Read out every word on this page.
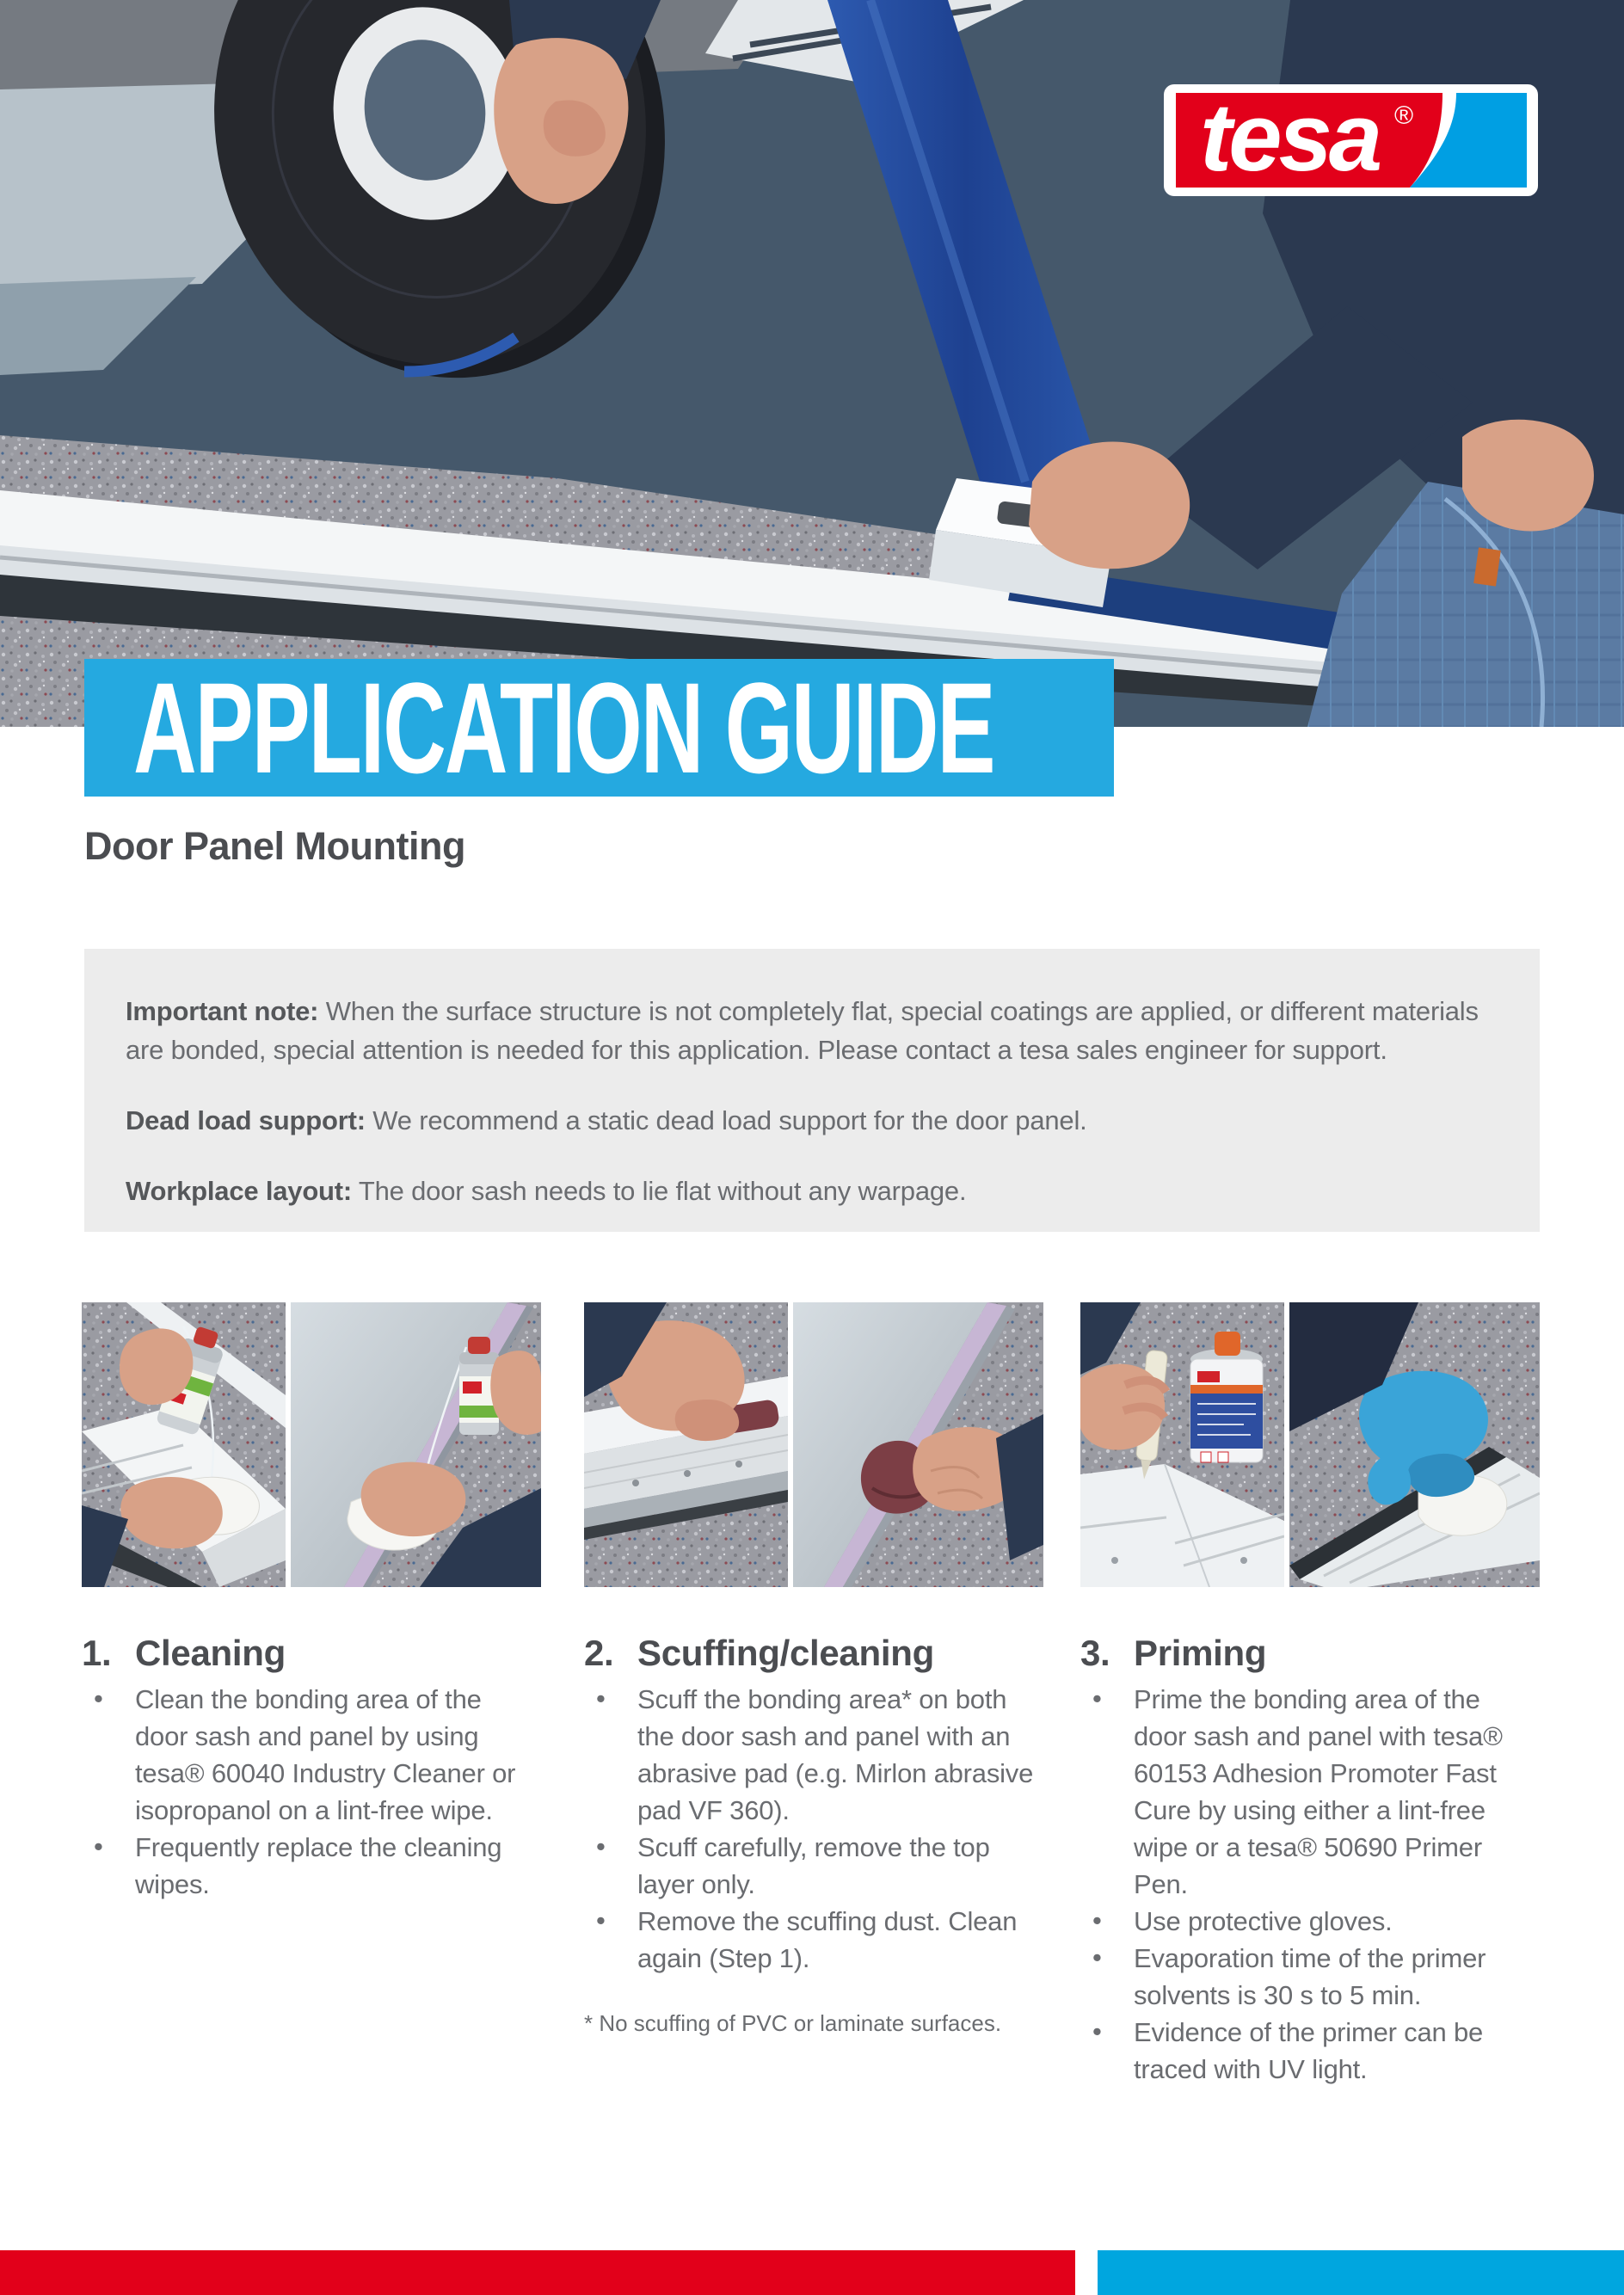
tesa ®
APPLICATION GUIDE
Door Panel Mounting

Important note: When the surface structure is not completely flat, special coatings are applied, or different materials are bonded, special attention is needed for this application. Please contact a tesa sales engineer for support.

Dead load support: We recommend a static dead load support for the door panel.

Workplace layout: The door sash needs to lie flat without any warpage.

1. Cleaning
• Clean the bonding area of the door sash and panel by using tesa® 60040 Industry Cleaner or isopropanol on a lint-free wipe.
• Frequently replace the cleaning wipes.
2. Scuffing/cleaning
• Scuff the bonding area* on both the door sash and panel with an abrasive pad (e.g. Mirlon abrasive pad VF 360).
• Scuff carefully, remove the top layer only.
• Remove the scuffing dust. Clean again (Step 1).
* No scuffing of PVC or laminate surfaces.
3. Priming
• Prime the bonding area of the door sash and panel with tesa® 60153 Adhesion Promoter Fast Cure by using either a lint-free wipe or a tesa® 50690 Primer Pen.
• Use protective gloves.
• Evaporation time of the primer solvents is 30 s to 5 min.
• Evidence of the primer can be traced with UV light.
